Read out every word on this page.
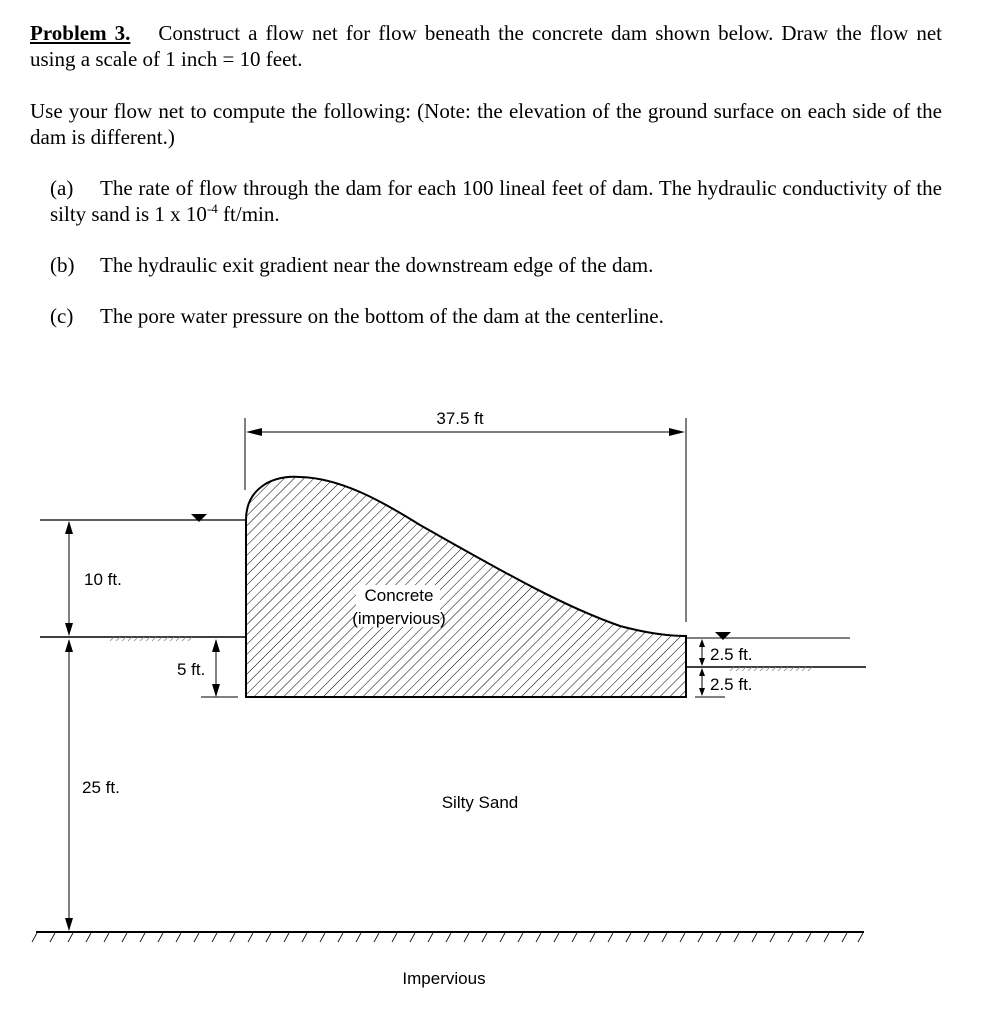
Problem 3. Construct a flow net for flow beneath the concrete dam shown below. Draw the flow net using a scale of 1 inch = 10 feet.
Use your flow net to compute the following: (Note: the elevation of the ground surface on each side of the dam is different.)
(a) The rate of flow through the dam for each 100 lineal feet of dam. The hydraulic conductivity of the silty sand is 1 x $10^{-4}$ ft/min.
(b) The hydraulic exit gradient near the downstream edge of the dam.
(c) The pore water pressure on the bottom of the dam at the centerline.
37.5 ft
Concrete
(impervious)
10 ft.
25 ft.
5 ft.
2.5 ft.
2.5 ft.
Silty Sand
Impervious
